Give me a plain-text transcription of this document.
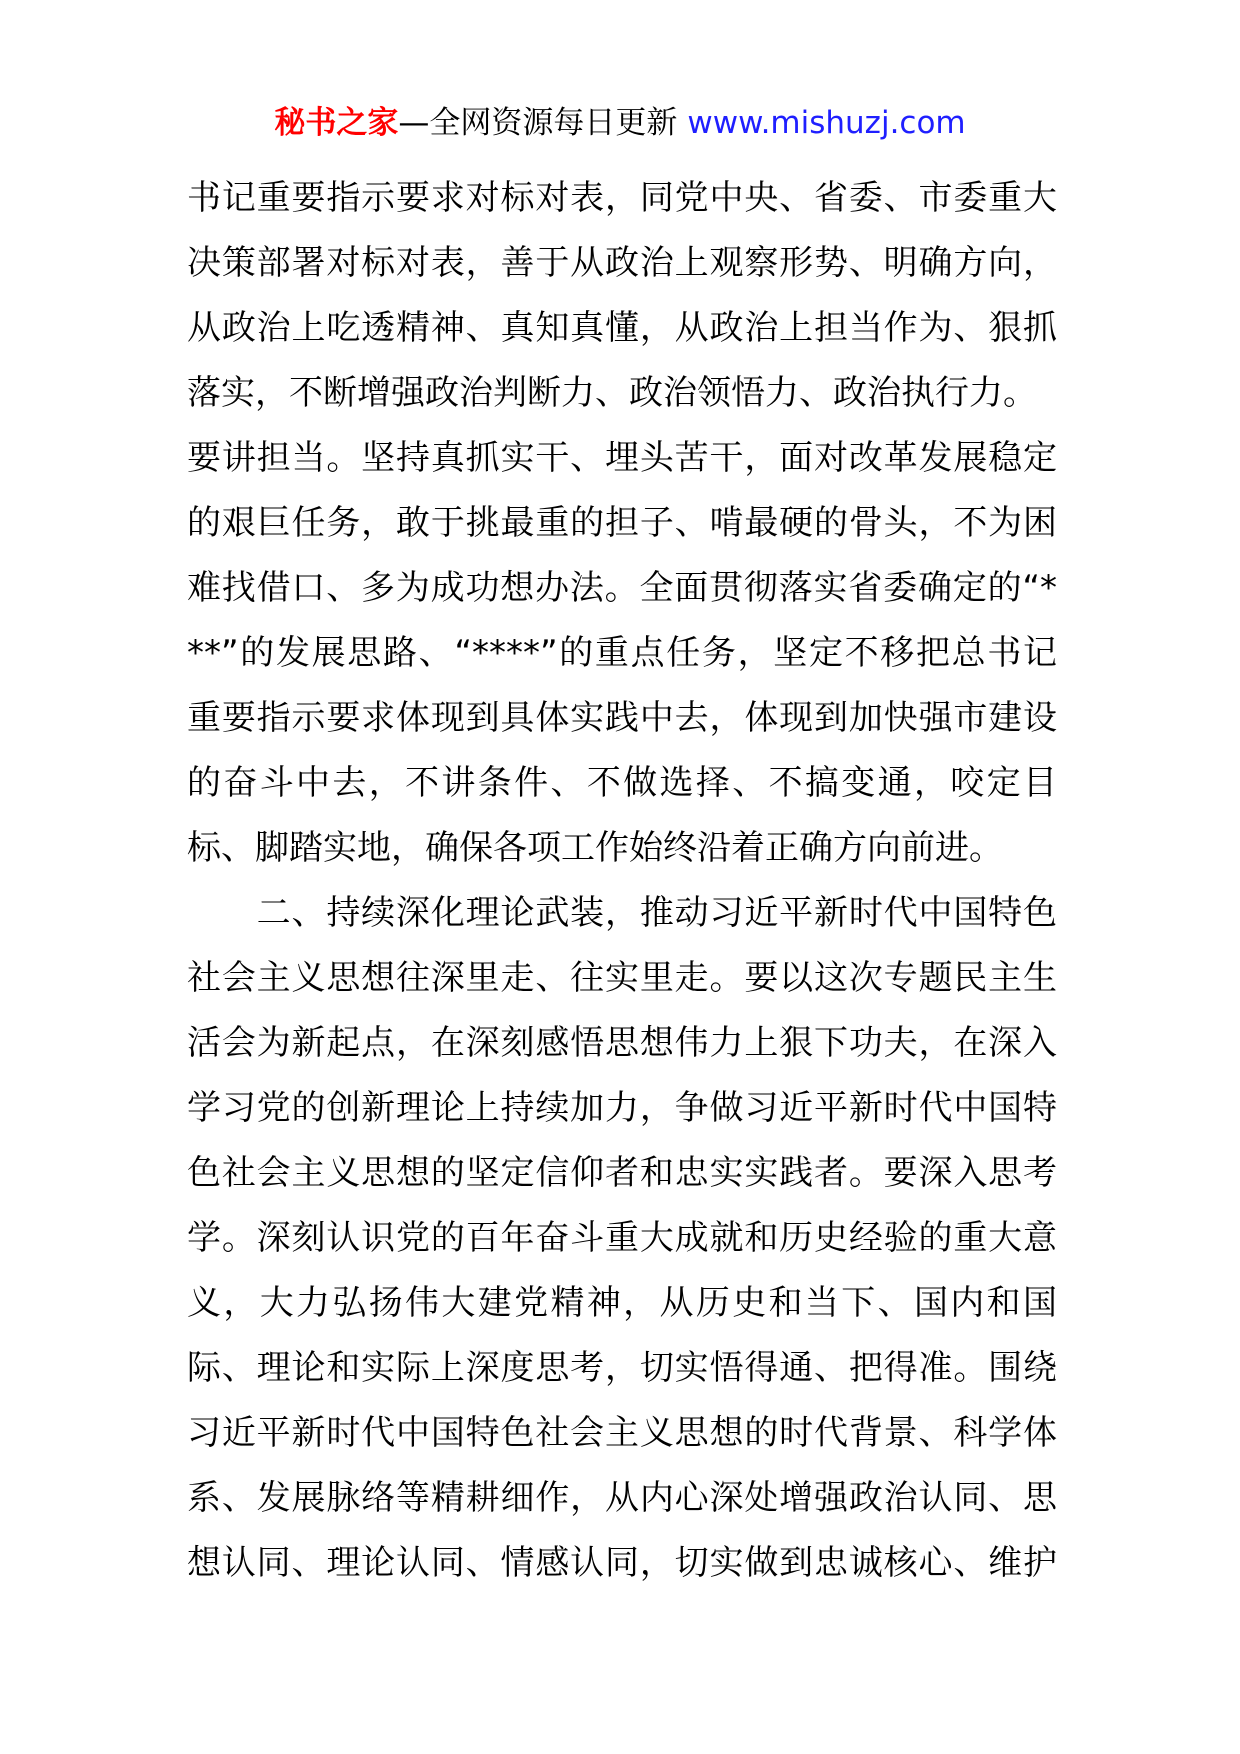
秘书之家—全网资源每日更新 www.mishuzj.com
书记重要指示要求对标对表，同党中央、省委、市委重大
决策部署对标对表，善于从政治上观察形势、明确方向，
从政治上吃透精神、真知真懂，从政治上担当作为、狠抓
落实，不断增强政治判断力、政治领悟力、政治执行力。
要讲担当。坚持真抓实干、埋头苦干，面对改革发展稳定
的艰巨任务，敢于挑最重的担子、啃最硬的骨头，不为困
难找借口、多为成功想办法。全面贯彻落实省委确定的“*
**”的发展思路、“****”的重点任务，坚定不移把总书记
重要指示要求体现到具体实践中去，体现到加快强市建设
的奋斗中去，不讲条件、不做选择、不搞变通，咬定目
标、脚踏实地，确保各项工作始终沿着正确方向前进。
　　二、持续深化理论武装，推动习近平新时代中国特色
社会主义思想往深里走、往实里走。要以这次专题民主生
活会为新起点，在深刻感悟思想伟力上狠下功夫，在深入
学习党的创新理论上持续加力，争做习近平新时代中国特
色社会主义思想的坚定信仰者和忠实实践者。要深入思考
学。深刻认识党的百年奋斗重大成就和历史经验的重大意
义，大力弘扬伟大建党精神，从历史和当下、国内和国
际、理论和实际上深度思考，切实悟得通、把得准。围绕
习近平新时代中国特色社会主义思想的时代背景、科学体
系、发展脉络等精耕细作，从内心深处增强政治认同、思
想认同、理论认同、情感认同，切实做到忠诚核心、维护
